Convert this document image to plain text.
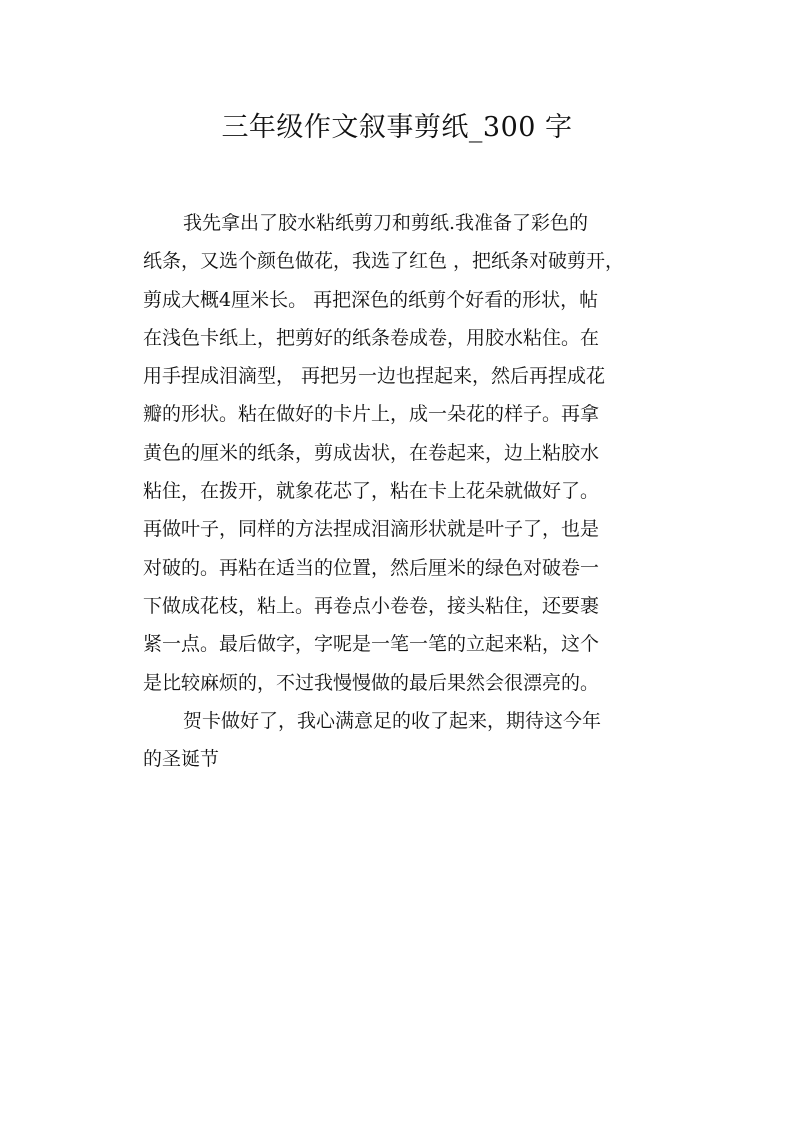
三年级作文叙事剪纸_300 字
我先拿出了胶水粘纸剪刀和剪纸.我准备了彩色的
纸条，又选个颜色做花，我选了红色 ，把纸条对破剪开，
剪成大概4厘米长。 再把深色的纸剪个好看的形状，帖
在浅色卡纸上，把剪好的纸条卷成卷，用胶水粘住。在
用手捏成泪滴型， 再把另一边也捏起来，然后再捏成花
瓣的形状。粘在做好的卡片上，成一朵花的样子。再拿
黄色的厘米的纸条，剪成齿状，在卷起来，边上粘胶水
粘住，在拨开，就象花芯了，粘在卡上花朵就做好了。
再做叶子，同样的方法捏成泪滴形状就是叶子了，也是
对破的。再粘在适当的位置，然后厘米的绿色对破卷一
下做成花枝，粘上。再卷点小卷卷，接头粘住，还要裹
紧一点。最后做字，字呢是一笔一笔的立起来粘，这个
是比较麻烦的，不过我慢慢做的最后果然会很漂亮的。
贺卡做好了，我心满意足的收了起来，期待这今年
的圣诞节
